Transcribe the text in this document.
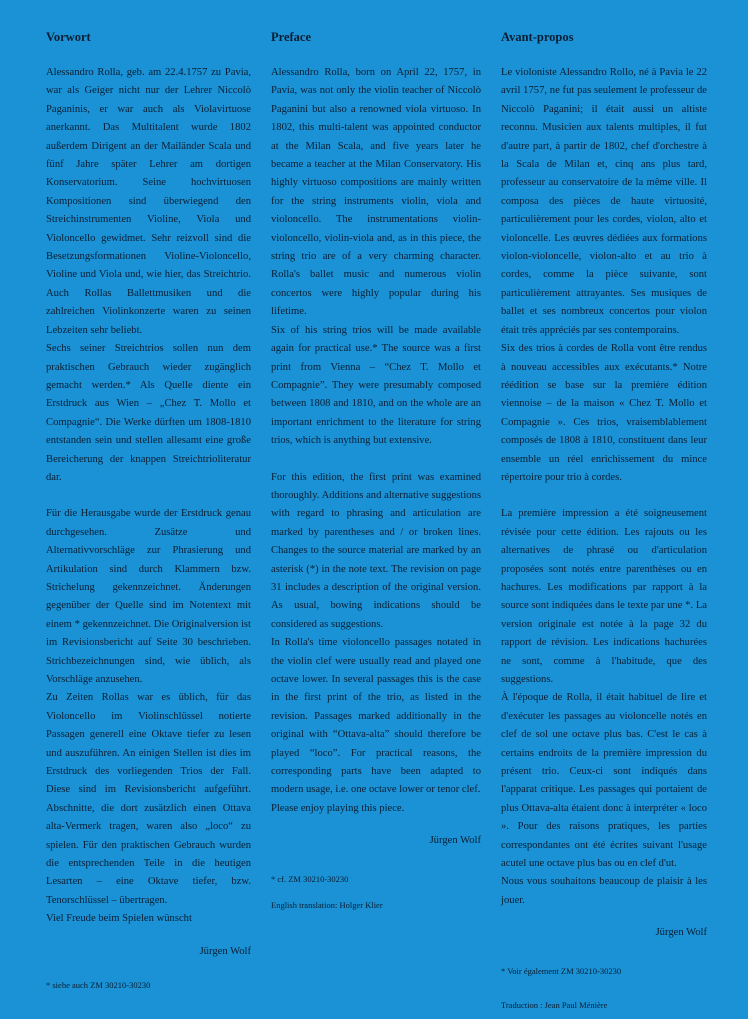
Vorwort

Alessandro Rolla, geb. am 22.4.1757 zu Pavia, war als Geiger nicht nur der Lehrer Niccolò Paganinis, er war auch als Violavirtuose anerkannt. Das Multitalent wurde 1802 außerdem Dirigent an der Mailänder Scala und fünf Jahre später Lehrer am dortigen Konservatorium. Seine hochvirtuosen Kompositionen sind überwiegend den Streichinstrumenten Violine, Viola und Violoncello gewidmet. Sehr reizvoll sind die Besetzungsformationen Violine-Violoncello, Violine und Viola und, wie hier, das Streichtrio. Auch Rollas Ballettmusiken und die zahlreichen Violinkonzerte waren zu seinen Lebzeiten sehr beliebt.

Sechs seiner Streichtrios sollen nun dem praktischen Gebrauch wieder zugänglich gemacht werden.* Als Quelle diente ein Erstdruck aus Wien – „Chez T. Mollo et Compagnie“. Die Werke dürften um 1808-1810 entstanden sein und stellen allesamt eine große Bereicherung der knappen Streichtrioliteratur dar.

Für die Herausgabe wurde der Erstdruck genau durchgesehen. Zusätze und Alternativvorschläge zur Phrasierung und Artikulation sind durch Klammern bzw. Strichelung gekennzeichnet. Änderungen gegenüber der Quelle sind im Notentext mit einem * gekennzeichnet. Die Originalversion ist im Revisionsbericht auf Seite 30 beschrieben. Strichbezeichnungen sind, wie üblich, als Vorschläge anzusehen.

Zu Zeiten Rollas war es üblich, für das Violoncello im Violinschlüssel notierte Passagen generell eine Oktave tiefer zu lesen und auszuführen. An einigen Stellen ist dies im Erstdruck des vorliegenden Trios der Fall. Diese sind im Revisionsbericht aufgeführt. Abschnitte, die dort zusätzlich einen Ottava alta-Vermerk tragen, waren also „loco“ zu spielen. Für den praktischen Gebrauch wurden die entsprechenden Teile in die heutigen Lesarten – eine Oktave tiefer, bzw. Tenorschlüssel – übertragen.

Viel Freude beim Spielen wünscht

Jürgen Wolf

* siehe auch ZM 30210-30230

Preface

Alessandro Rolla, born on April 22, 1757, in Pavia, was not only the violin teacher of Niccolò Paganini but also a renowned viola virtuoso. In 1802, this multi-talent was appointed conductor at the Milan Scala, and five years later he became a teacher at the Milan Conservatory. His highly virtuoso compositions are mainly written for the string instruments violin, viola and violoncello. The instrumentations violin-violoncello, violin-viola and, as in this piece, the string trio are of a very charming character. Rolla's ballet music and numerous violin concertos were highly popular during his lifetime.

Six of his string trios will be made available again for practical use.* The source was a first print from Vienna – “Chez T. Mollo et Compagnie”. They were presumably composed between 1808 and 1810, and on the whole are an important enrichment to the literature for string trios, which is anything but extensive.

For this edition, the first print was examined thoroughly. Additions and alternative suggestions with regard to phrasing and articulation are marked by parentheses and / or broken lines. Changes to the source material are marked by an asterisk (*) in the note text. The revision on page 31 includes a description of the original version. As usual, bowing indications should be considered as suggestions.

In Rolla's time violoncello passages notated in the violin clef were usually read and played one octave lower. In several passages this is the case in the first print of the trio, as listed in the revision. Passages marked additionally in the original with “Ottava-alta” should therefore be played “loco”. For practical reasons, the corresponding parts have been adapted to modern usage, i.e. one octave lower or tenor clef.

Please enjoy playing this piece.

Jürgen Wolf

* cf. ZM 30210-30230

English translation: Holger Klier

Avant-propos

Le violoniste Alessandro Rollo, né à Pavia le 22 avril 1757, ne fut pas seulement le professeur de Niccolò Paganini; il était aussi un altiste reconnu. Musicien aux talents multiples, il fut d'autre part, à partir de 1802, chef d'orchestre à la Scala de Milan et, cinq ans plus tard, professeur au conservatoire de la même ville. Il composa des pièces de haute virtuosité, particulièrement pour les cordes, violon, alto et violoncelle. Les œuvres dédiées aux formations violon-violoncelle, violon-alto et au trio à cordes, comme la pièce suivante, sont particulièrement attrayantes. Ses musiques de ballet et ses nombreux concertos pour violon était très appréciés par ses contemporains.

Six des trios à cordes de Rolla vont être rendus à nouveau accessibles aux exécutants.* Notre réédition se base sur la première édition viennoise – de la maison « Chez T. Mollo et Compagnie ». Ces trios, vraisemblablement composés de 1808 à 1810, constituent dans leur ensemble un réel enrichissement du mince répertoire pour trio à cordes.

La première impression a été soigneusement révisée pour cette édition. Les rajouts ou les alternatives de phrasé ou d'articulation proposées sont notés entre parenthèses ou en hachures. Les modifications par rapport à la source sont indiquées dans le texte par une *. La version originale est notée à la page 32 du rapport de révision. Les indications hachurées ne sont, comme à l'habitude, que des suggestions.

À l'époque de Rolla, il était habituel de lire et d'exécuter les passages au violoncelle notés en clef de sol une octave plus bas. C'est le cas à certains endroits de la première impression du présent trio. Ceux-ci sont indiqués dans l'apparat critique. Les passages qui portaient de plus Ottava-alta étaient donc à interpréter « loco ». Pour des raisons pratiques, les parties correspondantes ont été écrites suivant l'usage acutel une octave plus bas ou en clef d'ut.

Nous vous souhaitons beaucoup de plaisir à les jouer.

Jürgen Wolf

* Voir également ZM 30210-30230

Traduction : Jean Paul Ménière
